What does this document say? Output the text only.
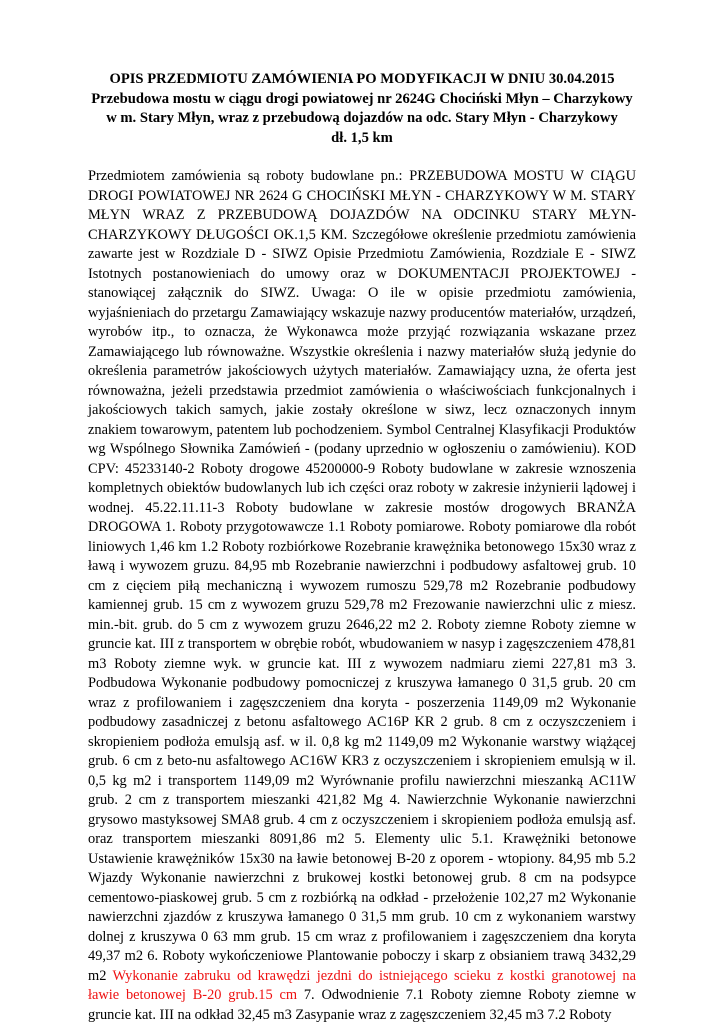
OPIS PRZEDMIOTU ZAMÓWIENIA PO MODYFIKACJI W DNIU 30.04.2015
Przebudowa mostu w ciągu drogi powiatowej nr 2624G Chociński Młyn – Charzykowy
w m. Stary Młyn, wraz z przebudową dojazdów na odc. Stary Młyn - Charzykowy
dł. 1,5 km
Przedmiotem zamówienia są roboty budowlane pn.: PRZEBUDOWA MOSTU W CIĄGU DROGI POWIATOWEJ NR 2624 G CHOCIŃSKI MŁYN - CHARZYKOWY W M. STARY MŁYN WRAZ Z PRZEBUDOWĄ DOJAZDÓW NA ODCINKU STARY MŁYN-CHARZYKOWY DŁUGOŚCI OK.1,5 KM. Szczegółowe określenie przedmiotu zamówienia zawarte jest w Rozdziale D - SIWZ Opisie Przedmiotu Zamówienia, Rozdziale E - SIWZ Istotnych postanowieniach do umowy oraz w DOKUMENTACJI PROJEKTOWEJ - stanowiącej załącznik do SIWZ. Uwaga: O ile w opisie przedmiotu zamówienia, wyjaśnieniach do przetargu Zamawiający wskazuje nazwy producentów materiałów, urządzeń, wyrobów itp., to oznacza, że Wykonawca może przyjąć rozwiązania wskazane przez Zamawiającego lub równoważne. Wszystkie określenia i nazwy materiałów służą jedynie do określenia parametrów jakościowych użytych materiałów. Zamawiający uzna, że oferta jest równoważna, jeżeli przedstawia przedmiot zamówienia o właściwościach funkcjonalnych i jakościowych takich samych, jakie zostały określone w siwz, lecz oznaczonych innym znakiem towarowym, patentem lub pochodzeniem. Symbol Centralnej Klasyfikacji Produktów wg Wspólnego Słownika Zamówień - (podany uprzednio w ogłoszeniu o zamówieniu). KOD CPV: 45233140-2 Roboty drogowe 45200000-9 Roboty budowlane w zakresie wznoszenia kompletnych obiektów budowlanych lub ich części oraz roboty w zakresie inżynierii lądowej i wodnej. 45.22.11.11-3 Roboty budowlane w zakresie mostów drogowych BRANŻA DROGOWA 1. Roboty przygotowawcze 1.1 Roboty pomiarowe. Roboty pomiarowe dla robót liniowych 1,46 km 1.2 Roboty rozbiórkowe Rozebranie krawężnika betonowego 15x30 wraz z ławą i wywozem gruzu. 84,95 mb Rozebranie nawierzchni i podbudowy asfaltowej grub. 10 cm z cięciem piłą mechaniczną i wywozem rumoszu 529,78 m2 Rozebranie podbudowy kamiennej grub. 15 cm z wywozem gruzu 529,78 m2 Frezowanie nawierzchni ulic z miesz. min.-bit. grub. do 5 cm z wywozem gruzu 2646,22 m2 2. Roboty ziemne Roboty ziemne w gruncie kat. III z transportem w obrębie robót, wbudowaniem w nasyp i zagęszczeniem 478,81 m3 Roboty ziemne wyk. w gruncie kat. III z wywozem nadmiaru ziemi 227,81 m3 3. Podbudowa Wykonanie podbudowy pomocniczej z kruszywa łamanego 0 31,5 grub. 20 cm wraz z profilowaniem i zagęszczeniem dna koryta - poszerzenia 1149,09 m2 Wykonanie podbudowy zasadniczej z betonu asfaltowego AC16P KR 2 grub. 8 cm z oczyszczeniem i skropieniem podłoża emulsją asf. w il. 0,8 kg m2 1149,09 m2 Wykonanie warstwy wiążącej grub. 6 cm z beto-nu asfaltowego AC16W KR3 z oczyszczeniem i skropieniem emulsją w il. 0,5 kg m2 i transportem 1149,09 m2 Wyrównanie profilu nawierzchni mieszanką AC11W grub. 2 cm z transportem mieszanki 421,82 Mg 4. Nawierzchnie Wykonanie nawierzchni grysowo mastyksowej SMA8 grub. 4 cm z oczyszczeniem i skropieniem podłoża emulsją asf. oraz transportem mieszanki 8091,86 m2 5. Elementy ulic 5.1. Krawężniki betonowe Ustawienie krawężników 15x30 na ławie betonowej B-20 z oporem - wtopiony. 84,95 mb 5.2 Wjazdy Wykonanie nawierzchni z brukowej kostki betonowej grub. 8 cm na podsypce cementowo-piaskowej grub. 5 cm z rozbiórką na odkład - przełożenie 102,27 m2 Wykonanie nawierzchni zjazdów z kruszywa łamanego 0 31,5 mm grub. 10 cm z wykonaniem warstwy dolnej z kruszywa 0 63 mm grub. 15 cm wraz z profilowaniem i zagęszczeniem dna koryta 49,37 m2 6. Roboty wykończeniowe Plantowanie poboczy i skarp z obsianiem trawą 3432,29 m2 Wykonanie zabruku od krawędzi jezdni do istniejącego scieku z kostki granotowej na ławie betonowej B-20 grub.15 cm 7. Odwodnienie 7.1 Roboty ziemne Roboty ziemne w gruncie kat. III na odkład 32,45 m3 Zasypanie wraz z zagęszczeniem 32,45 m3 7.2 Roboty
